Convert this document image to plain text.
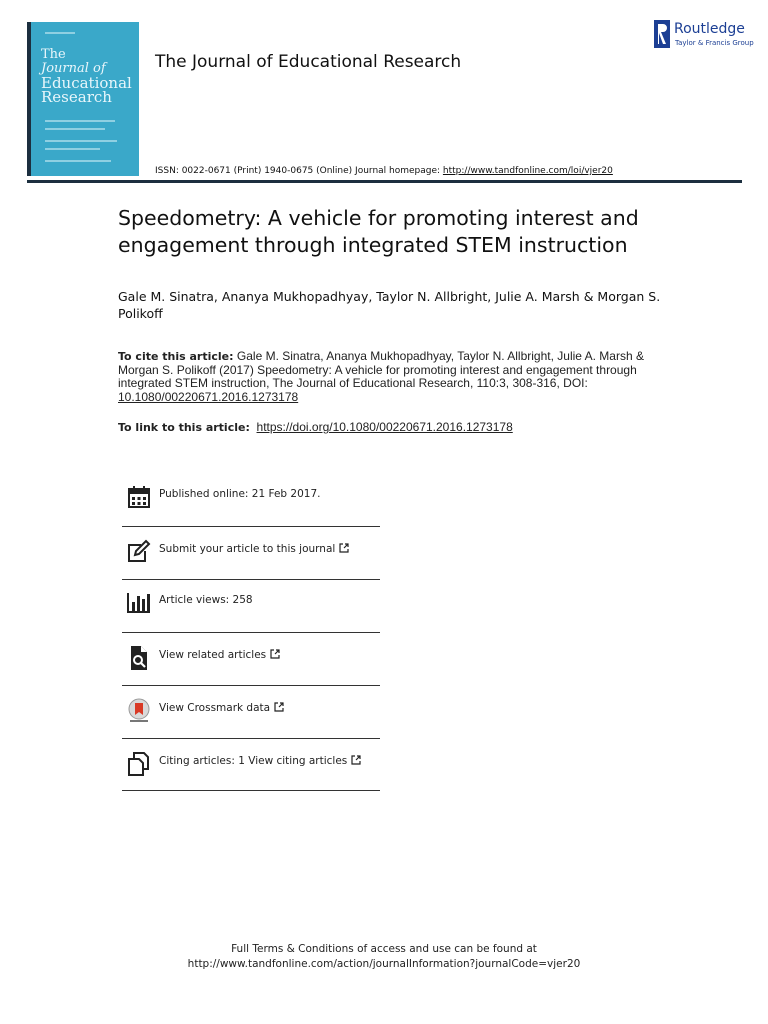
The
Journal of
Educational
Research
The Journal of Educational Research
Routledge
Taylor & Francis Group
ISSN: 0022-0671 (Print) 1940-0675 (Online) Journal homepage: http://www.tandfonline.com/loi/vjer20
Speedometry: A vehicle for promoting interest and engagement through integrated STEM instruction
Gale M. Sinatra, Ananya Mukhopadhyay, Taylor N. Allbright, Julie A. Marsh & Morgan S. Polikoff
To cite this article: Gale M. Sinatra, Ananya Mukhopadhyay, Taylor N. Allbright, Julie A. Marsh & Morgan S. Polikoff (2017) Speedometry: A vehicle for promoting interest and engagement through integrated STEM instruction, The Journal of Educational Research, 110:3, 308-316, DOI: 10.1080/00220671.2016.1273178
To link to this article: https://doi.org/10.1080/00220671.2016.1273178
Published online: 21 Feb 2017.
Submit your article to this journal
Article views: 258
View related articles
View Crossmark data
Citing articles: 1 View citing articles
Full Terms & Conditions of access and use can be found at
http://www.tandfonline.com/action/journalInformation?journalCode=vjer20
